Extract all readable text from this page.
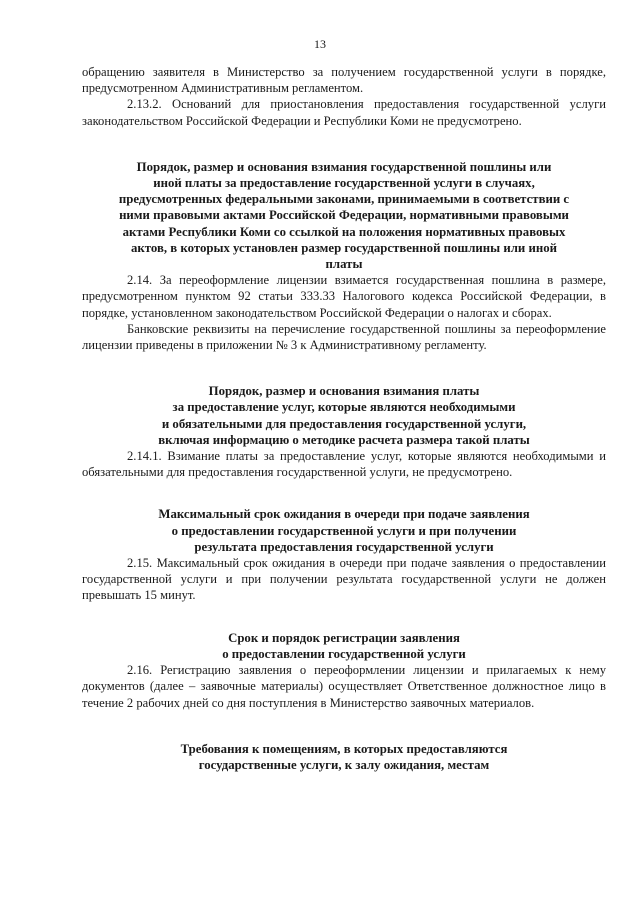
13

обращению заявителя в Министерство за получением государственной услуги в порядке, предусмотренном Административным регламентом.

2.13.2. Оснований для приостановления предоставления государственной услуги законодательством Российской Федерации и Республики Коми не предусмотрено.

Порядок, размер и основания взимания государственной пошлины или
иной платы за предоставление государственной услуги в случаях,
предусмотренных федеральными законами, принимаемыми в соответствии с
ними правовыми актами Российской Федерации, нормативными правовыми
актами Республики Коми со ссылкой на положения нормативных правовых
актов, в которых установлен размер государственной пошлины или иной
платы

2.14. За переоформление лицензии взимается государственная пошлина в размере, предусмотренном пунктом 92 статьи 333.33 Налогового кодекса Российской Федерации, в порядке, установленном законодательством Российской Федерации о налогах и сборах.

Банковские реквизиты на перечисление государственной пошлины за переоформление лицензии приведены в приложении № 3 к Административному регламенту.

Порядок, размер и основания взимания платы
за предоставление услуг, которые являются необходимыми
и обязательными для предоставления государственной услуги,
включая информацию о методике расчета размера такой платы

2.14.1. Взимание платы за предоставление услуг, которые являются необходимыми и обязательными для предоставления государственной услуги, не предусмотрено.

Максимальный срок ожидания в очереди при подаче заявления
о предоставлении государственной услуги и при получении
результата предоставления государственной услуги

2.15. Максимальный срок ожидания в очереди при подаче заявления о предоставлении государственной услуги и при получении результата государственной услуги не должен превышать 15 минут.

Срок и порядок регистрации заявления
о предоставлении государственной услуги

2.16. Регистрацию заявления о переоформлении лицензии и прилагаемых к нему документов (далее – заявочные материалы) осуществляет Ответственное должностное лицо в течение 2 рабочих дней со дня поступления в Министерство заявочных материалов.

Требования к помещениям, в которых предоставляются
государственные услуги, к залу ожидания, местам
